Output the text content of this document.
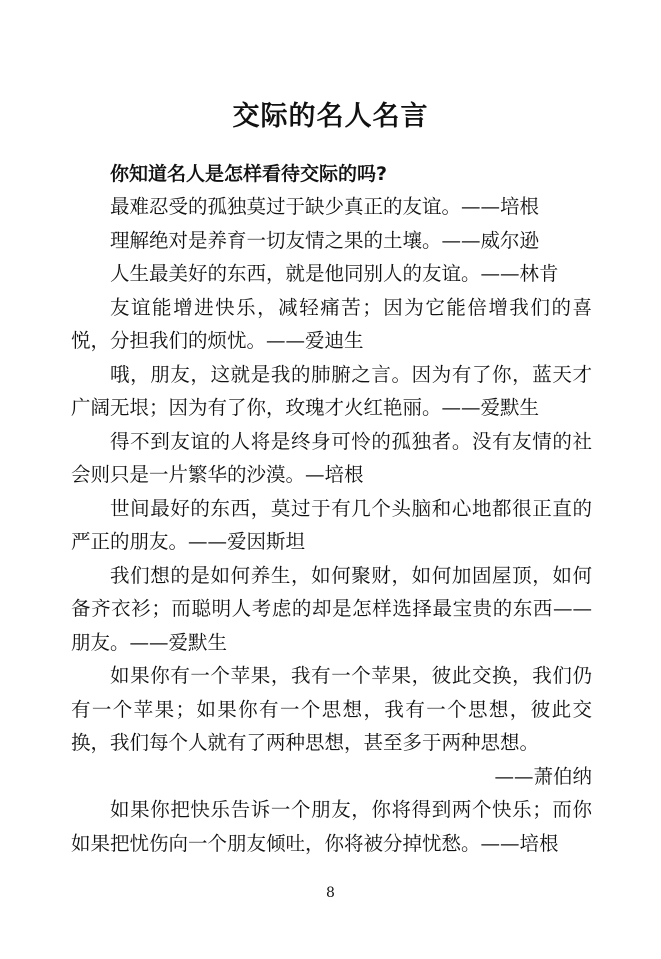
交际的名人名言
你知道名人是怎样看待交际的吗?

最难忍受的孤独莫过于缺少真正的友谊。——培根

理解绝对是养育一切友情之果的土壤。——威尔逊

人生最美好的东西，就是他同别人的友谊。——林肯

友谊能增进快乐，减轻痛苦；因为它能倍增我们的喜悦，分担我们的烦忧。——爱迪生

哦，朋友，这就是我的肺腑之言。因为有了你，蓝天才广阔无垠；因为有了你，玫瑰才火红艳丽。——爱默生

得不到友谊的人将是终身可怜的孤独者。没有友情的社会则只是一片繁华的沙漠。—培根

世间最好的东西，莫过于有几个头脑和心地都很正直的严正的朋友。——爱因斯坦

我们想的是如何养生，如何聚财，如何加固屋顶，如何备齐衣衫；而聪明人考虑的却是怎样选择最宝贵的东西——朋友。——爱默生

如果你有一个苹果，我有一个苹果，彼此交换，我们仍有一个苹果；如果你有一个思想，我有一个思想，彼此交换，我们每个人就有了两种思想，甚至多于两种思想。

——萧伯纳

如果你把快乐告诉一个朋友，你将得到两个快乐；而你如果把忧伤向一个朋友倾吐，你将被分掉忧愁。——培根

8
